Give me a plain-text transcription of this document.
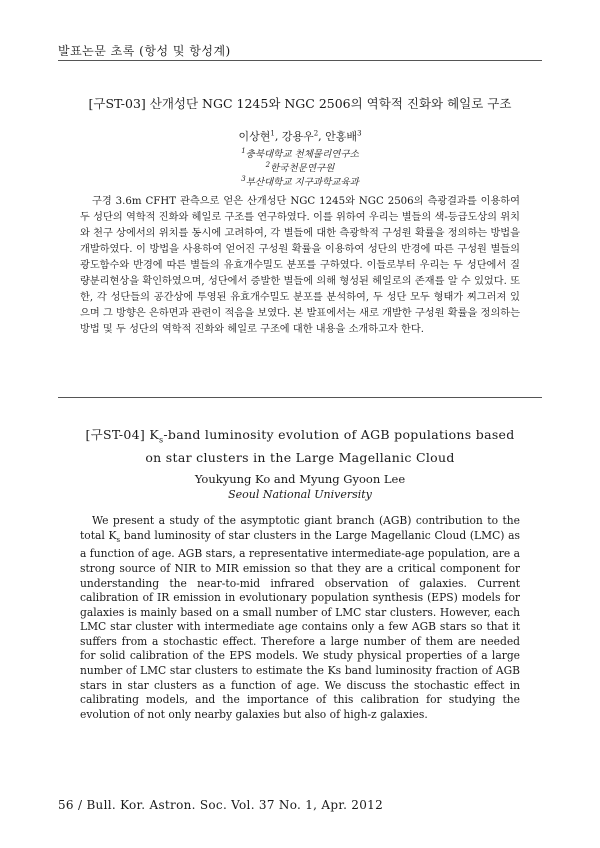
발표논문 초록 (항성 및 항성계)
[구ST-03] 산개성단 NGC 1245와 NGC 2506의 역학적 진화와 헤일로 구조
이상현$^1$, 강용우$^2$, 안홍배$^3$
$^1$충북대학교 천체물리연구소
$^2$한국천문연구원
$^3$부산대학교 지구과학교육과

구경 3.6m CFHT 관측으로 얻은 산개성단 NGC 1245와 NGC 2506의 측광결과를 이용하여 두 성단의 역학적 진화와 헤일로 구조를 연구하였다. 이를 위하여 우리는 별들의 색-등급도상의 위치와 천구 상에서의 위치를 동시에 고려하여, 각 별들에 대한 측광학적 구성원 확률을 정의하는 방법을 개발하였다. 이 방법을 사용하여 얻어진 구성원 확률을 이용하여 성단의 반경에 따른 구성원 별들의 광도함수와 반경에 따른 별들의 유효개수밀도 분포를 구하였다. 이들로부터 우리는 두 성단에서 질량분리현상을 확인하였으며, 성단에서 증발한 별들에 의해 형성된 헤일로의 존재를 알 수 있었다. 또한, 각 성단들의 공간상에 투영된 유효개수밀도 분포를 분석하여, 두 성단 모두 형태가 찌그러져 있으며 그 방향은 은하면과 관련이 적음을 보였다. 본 발표에서는 새로 개발한 구성원 확률을 정의하는 방법 및 두 성단의 역학적 진화와 헤일로 구조에 대한 내용을 소개하고자 한다.

[구ST-04] $K_s$-band luminosity evolution of AGB populations based on star clusters in the Large Magellanic Cloud
Youkyung Ko and Myung Gyoon Lee
Seoul National University

We present a study of the asymptotic giant branch (AGB) contribution to the total $K_s$ band luminosity of star clusters in the Large Magellanic Cloud (LMC) as a function of age. AGB stars, a representative intermediate-age population, are a strong source of NIR to MIR emission so that they are a critical component for understanding the near-to-mid infrared observation of galaxies. Current calibration of IR emission in evolutionary population synthesis (EPS) models for galaxies is mainly based on a small number of LMC star clusters. However, each LMC star cluster with intermediate age contains only a few AGB stars so that it suffers from a stochastic effect. Therefore a large number of them are needed for solid calibration of the EPS models. We study physical properties of a large number of LMC star clusters to estimate the Ks band luminosity fraction of AGB stars in star clusters as a function of age. We discuss the stochastic effect in calibrating models, and the importance of this calibration for studying the evolution of not only nearby galaxies but also of high-z galaxies.

56 / Bull. Kor. Astron. Soc. Vol. 37 No. 1, Apr. 2012
